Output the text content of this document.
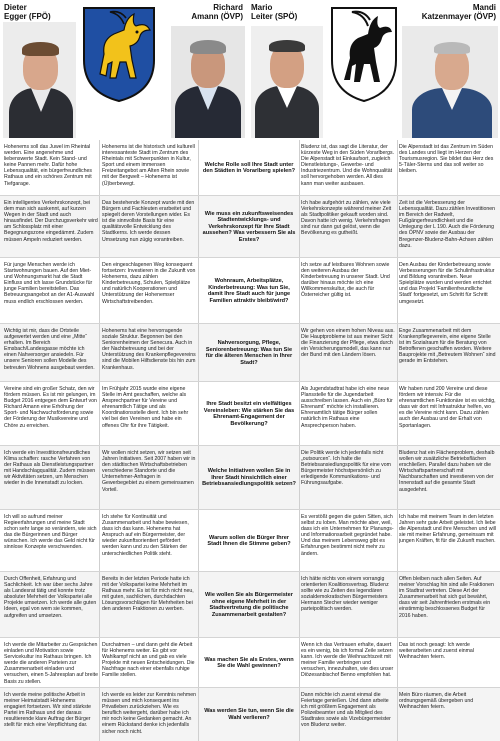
Dieter
Egger (FPÖ)
Richard
Amann (ÖVP)
Mario
Leiter (SPÖ)
Mandi
Katzenmayer (ÖVP)
Hohenems soll das Juwel im Rheintal werden. Eine angenehme und liebenswerte Stadt. Kein Stand- und keine Pannen mehr. Dafür hohe Lebensqualität, ein bürgerfreundliches Rathaus und ein schönes Zentrum mit Tiefgarage.
Hohenems ist die historisch und kulturell interessanteste Stadt im Zentrum des Rheintals mit Schwerpunkten in Kultur, Sport und einem immensen Freizeitangebot am Alten Rhein sowie mit der Bergwelt – Hohenems ist (Ü)berbewegt.
Welche Rolle soll Ihre Stadt unter den Städten in Vorarlberg spielen?
Bludenz ist, das sagt die Literatur, der kürzeste Weg in den Süden Vorarlbergs. Die Alpenstadt ist Einkaufsort, zugleich Dienstleistungs-, Gewerbe- und Industriezentrum. Und die Wohnqualität soll hervorgehoben werden. All dies kann man weiter ausbauen.
Die Alpenstadt ist das Zentrum im Süden des Landes und liegt im Herzen der Tourismusregion. Sie bildet das Herz des 5-Täler-Sterns und das soll weiter so bleiben.
Ein intelligentes Verkehrskonzept, bei dem man sich auskennt, auf kurzen Wegen in der Stadt und auch hinausfindet. Der Durchzugsverkehr wird am Schlossplatz mit einer Begegnungszone eingedämmt. Zudem müssen Ampeln reduziert werden.
Das bestehende Konzept wurde mit den Bürgern und Fachleuten erarbeitet und spiegelt deren Vorstellungen wider. Es ist die sinnvollste Basis für eine qualitätsvolle Entwicklung des Stadtkerns. Ich werde dessen Umsetzung nun zügig vorantreiben.
Wie muss ein zukunftsweisendes Stadtentwicklungs- und Verkehrskonzept für Ihre Stadt aussehen? Was verbessern Sie als Erstes?
Ich habe aufgehört zu zählen, wie viele Verkehrskonzepte während meiner Zeit als Stadtpolitiker gekauft worden sind. Davon hatte ich wenig. Verkehrsfragen sind nur dann gut gelöst, wenn die Bevölkerung es gutheißt.
Zeit ist die Verbesserung der Lebensqualität. Dazu zählen Investitionen im Bereich der Radwelt, Fußgängerfreundlichkeit und die Umlegung der L 190. Auch die Förderung des ÖPNV sowie der Ausbau der Bregenzer-Bludenz-Bahn-Achsen zählen dazu.
Für junge Menschen werde ich Startwohnungen bauen. Auf den Miet- und Wohnungsmarkt hat die Stadt Einfluss und ich lasse Grundstücke für junge Familien bereitstellen. Das Betreuungsangebot an der A1-Auswahl muss endlich erschlossen werden.
Den eingeschlagenen Weg konsequent fortsetzen: Investieren in die Zukunft von Hohenems, dazu zählen Kinderbetreuung, Schulen, Spielplätze und natürlich Kooperationen und Unterstützung der Hohenemser Wirtschaftstreibenden.
Wohnraum, Arbeitsplätze, Kinderbetreuung: Was tun Sie, damit Ihre Stadt auch für junge Familien attraktiv bleibt/wird?
Ich setze auf leistbares Wohnen sowie den weiteren Ausbau der Kinderbetreuung in unserer Stadt. Und darüber hinaus möchte ich eine Willkommenskultur, die auch für Österreicher gültig ist.
Den Ausbau der Kinderbetreuung sowie Verbesserungen für die Schulinfrastruktur und Bildung vorantreiben. Neue Spielplätze wurden und werden errichtet und das Projekt 'Familienfreundliche Stadt' fortgesetzt, um Schritt für Schritt umgesetzt.
Wichtig ist mir, dass die Ortsteile aufgewertet werden und eine „Mitte“ erhalten. Im Bereich Emsbach/Landesgasse möchte ich einen Nahversorger ansiedeln. Für unsere Senioren sollen Modelle des betreuten Wohnens ausgebaut werden.
Hohenems hat eine hervorragende soziale Struktur. Begonnen bei den Seniorenheimen der Senecura. Auch in der Nachbetreuung und bei der Unterstützung des Krankenpflegevereins sind die Mobilen Hilfsdienste bis hin zum Krankenhaus.
Nahversorgung, Pflege, Seniorenbetreuung: Was tun Sie für die älteren Menschen in Ihrer Stadt?
Wir gehen von einem hohen Niveau aus. Die Hauptprobleme ist aus meiner Sicht die Finanzierung der Pflege, etwa durch ein Versicherungsmodell, das kann nur der Bund mit den Ländern lösen.
Enge Zusammenarbeit mit dem Krankenpflegeverein, eine eigene Stelle ist im Sozialraum für die Beratung von Betroffenen geschaffen worden. Weitere Bauprojekte mit „Betreutem Wohnen“ sind gerade im Entstehen.
Vereine sind ein großer Schatz, den wir fördern müssen. Es ist mir gelungen, im Budget 2016 entgegen dem Entwurf von Richard Amann eine Erhöhung der Sport- und Nachwuchsförderung sowie der Förderung der Musikvereine und Chöre zu erreichen.
Im Frühjahr 2015 wurde eine eigene Stelle im Amt geschaffen, welche als Ansprechpartner für Vereine und ehrenamtlich Tätige und als Koordinationsstelle dient. Ich bin sehr viel bei den Vereinen und habe ein offenes Ohr für ihre Tätigkeit.
Ihre Stadt besitzt ein vielfältiges Vereinsleben: Wie stärken Sie das Ehrenamt-Engagement der Bevölkerung?
Als Jugendstadtrat habe ich eine neue Plansstelle für die Jugendarbeit ausschreiben lassen. Auch ein „Büro für Ehrenamt“ möchte ich installieren. Ehrenamtlich tätige Bürger sollen natürlich im Rathaus eine Ansprechperson haben.
Wir haben rund 200 Vereine und diese fördern wir intensiv. Für die ehrenamtlichen Funktionäre ist es wichtig, dass wir dort mit Infrastruktur helfen, wo es die Vereine nicht kann. Dazu zählen auch der Ausbau und der Erhalt von Sportanlagen.
Ich werde ein Investitionsfreundliches Klima schaffen: rasche Verfahren von der Rathaus als Dienstleistungspartner mit Handschlagqualität. Zudem müssen wir Aktivitäten setzen, um Menschen wieder in die Innenstadt zu locken.
Wir wollen nicht setzen, wir setzen seit Jahren Initiativen. Seit 2007 haben wir in den städtischen Wirtschaftsbetrieben verschiedene Standorte und die Unternehmer-Anfragen in Gewerbegebiet zu einem gemeinsamen Vorteil.
Welche Initiativen wollen Sie in Ihrer Stadt hinsichtlich einer Betriebsansiedlungspolitik setzen?
Die Politik werde ich jedenfalls nicht „outsourcen“. Ich halte die Betriebsansiedlungspolitik für eine vom Bürgermeister höchstpersönlich zu erledigende Kommunikations- und Führungsaufgabe.
Bludenz hat ein Flächenproblem, deshalb wollen wir zusätzliche Betriebsflächen erschließen. Parallel dazu haben wir die Wirtschaftspartnerschaft mit Nachbarschaften und investieren von der Innenstadt auf die gesamte Stadt ausgedehnt.
Ich will so aufrund meiner Regieerfahrungen und meine Stadt schon sehr lange so verändern, wie sich das die Bürgerinnen und Bürger wünschen. Ich werde das Geld nicht für sinnlose Konzepte verschwenden.
Ich stehe für Kontinuität und Zusammenarbeit und habe bewiesen, dass ich das kann. Hohenems hat Anspruch auf ein Bürgermeister, der wieder zukunftsorientiert gefördert werden kann und zu den Stärken der unterschiedlichen Politik steht.
Warum sollen die Bürger Ihrer Stadt Ihnen die Stimme geben?
Es verstößt gegen die guten Sitten, sich selbst zu loben. Man möchte aber, weil, dass ich ein Unternehmen für Planungs- und Informationsarbeit gegründet habe. Und das meinem Lebensweg gibt es Erfahrungen bestimmt nicht mehr zu ändern.
Ich habe mit meinem Team in den letzten Jahren sehr gute Arbeit geleistet. Ich liebe die Alpenstadt und ihre Menschen und will sie mit meiner Erfahrung, gemeinsam mit jungen Kräften, fit für die Zukunft machen.
Durch Offenheit, Erfahrung und Sachlichkeit. Ich war über sechs Jahre als Landesrat tätig und konnte trotz absoluter Mehrheit der Volkspartei alle Projekte umsetzen. Ich werde alle guten Ideen, egal von wem sie kommen, aufgreifen und umsetzen.
Bereits in der letzten Periode hatte ich mit der Volkspartei keine Mehrheit im Rathaus mehr. Es ist für mich nicht neu, mit guten, sachlichen, durchdachten Lösungsvorschlägen für Mehrheiten bei den anderen Fraktionen zu werben.
Wie wollen Sie als Bürgermeister ohne eigene Mehrheit in der Stadtvertretung die politische Zusammenarbeit gestalten?
Ich hätte nichts von einem vorrangig orientierten Koalitionsvertrag. Bludenz sollte wie zu Zeiten des legendären sozialdemokratischen Bürgermeisters Hermann Stecher wieder weniger parteipolitisch werden.
Offen bleiben nach allen Seiten. Auf meiner Vorschlag hin sind alle Fraktionen im Stadtrat vertreten. Diese Art der Zusammenarbeit hat sich gut bewährt, dass wir seit Jahrenfrieden erstmals ein einstimmig beschlossenes Budget für 2016 haben.
Ich werde die Mitarbeiter zu Gesprächen einladen und Motivation sowie Servicekultur ins Rathaus bringen. Ich werde die anderen Parteien zur Zusammenarbeit einladen und versuchen, einen 5-Jahresplan auf breite Basis zu stellen.
Durchatmen – und dann geht die Arbeit für Hohenems weiter. Es gibt vor Wahlkampf nicht an und gab es viele Projekte mit neuen Entscheidungen. Die Nachfrage nach einer ebenfalls ruhige Familie stellen.
Was machen Sie als Erstes, wenn Sie die Wahl gewinnen?
Wenn ich das Vertrauen erhalte, dauert es ein wenig, bis ich formal Zeile setzen kann. Ich werde die Weihnachtszeit mit meiner Familie verbringen und versuchen, innezuhalten, wie dies unser Diözesanbischof Benno empfohlen hat.
Das ist noch gesagt: Ich werde weiterarbeiten und zuerst einmal Weihnachten feiern.
Ich werde meine politische Arbeit in meiner Heimatstadt Hohenems engagiert fortsetzen. Wir sind stärkste Partei im Rathaus und der daraus resultierende klare Auftrag der Bürger stellt für mich eine Verpflichtung dar.
Ich werde es leider zur Kenntnis nehmen müssen und mich konsequent ins Privatleben zurückziehen. Wie es beruflich weitergeht, darüber habe ich mir noch keine Gedanken gemacht. An einem Rückstand denke ich jedenfalls sicher noch nicht.
Was werden Sie tun, wenn Sie die Wahl verlieren?
Dann möchte ich zuerst einmal die Feiertage genießen. Und dann arbeite ich mit größtem Engagement als Polizeibeamter und als Mitglied des Stadtrates sowie als Vizebürgermeister von Bludenz weiter.
Mein Büro räumen, die Arbeit ordnungsgemäß übergeben und Weihnachten feiern.
